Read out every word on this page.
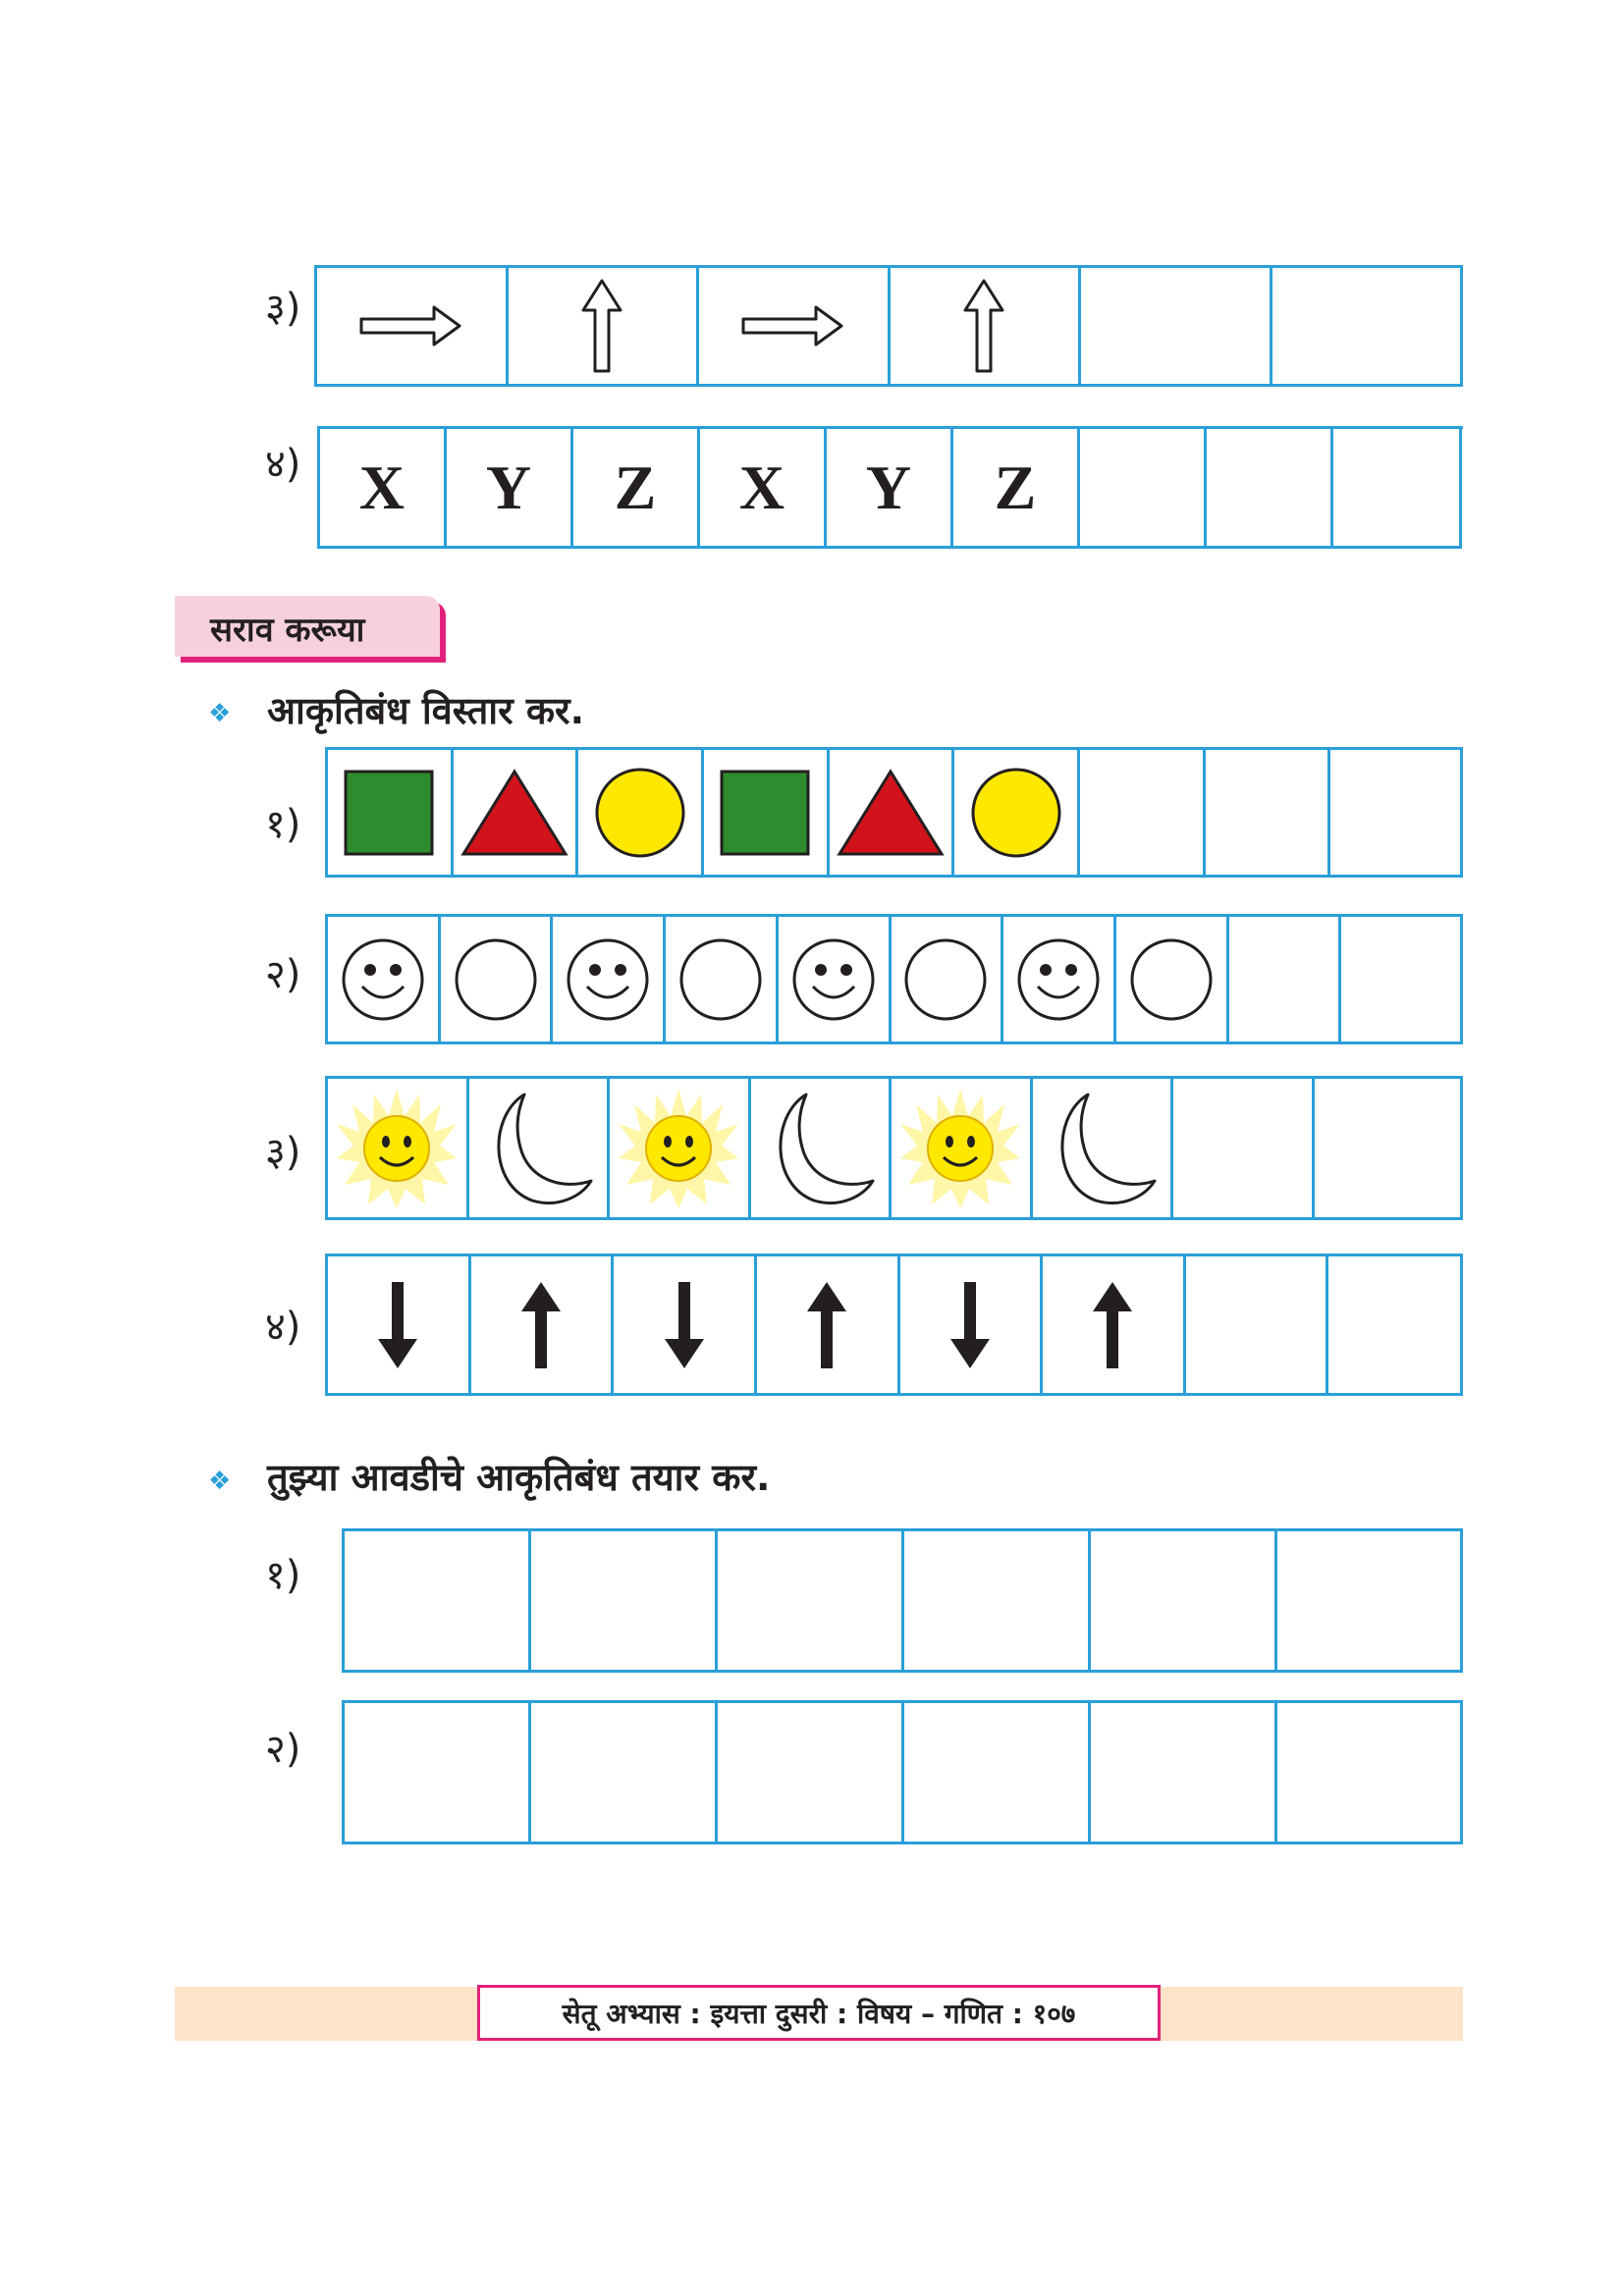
३)
४) X Y Z X Y Z
सराव करूया
❖ आकृतिबंध विस्तार कर.
१)
२)
३)
४)
❖ तुझ्या आवडीचे आकृतिबंध तयार कर.
१)
२)
सेतू अभ्यास : इयत्ता दुसरी : विषय – गणित : १०७
